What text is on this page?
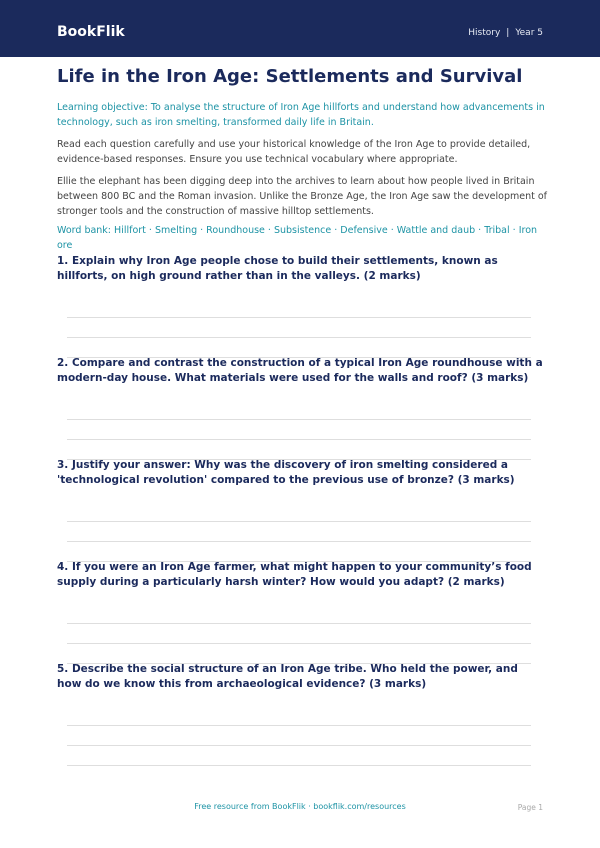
BookFlik	History | Year 5
Life in the Iron Age: Settlements and Survival

Learning objective: To analyse the structure of Iron Age hillforts and understand how advancements in technology, such as iron smelting, transformed daily life in Britain.

Read each question carefully and use your historical knowledge of the Iron Age to provide detailed, evidence-based responses. Ensure you use technical vocabulary where appropriate.

Ellie the elephant has been digging deep into the archives to learn about how people lived in Britain between 800 BC and the Roman invasion. Unlike the Bronze Age, the Iron Age saw the development of stronger tools and the construction of massive hilltop settlements.

Word bank: Hillfort · Smelting · Roundhouse · Subsistence · Defensive · Wattle and daub · Tribal · Iron ore

1. Explain why Iron Age people chose to build their settlements, known as hillforts, on high ground rather than in the valleys. (2 marks)

2. Compare and contrast the construction of a typical Iron Age roundhouse with a modern-day house. What materials were used for the walls and roof? (3 marks)

3. Justify your answer: Why was the discovery of iron smelting considered a 'technological revolution' compared to the previous use of bronze? (3 marks)

4. If you were an Iron Age farmer, what might happen to your community’s food supply during a particularly harsh winter? How would you adapt? (2 marks)

5. Describe the social structure of an Iron Age tribe. Who held the power, and how do we know this from archaeological evidence? (3 marks)

Free resource from BookFlik · bookflik.com/resources	Page 1
